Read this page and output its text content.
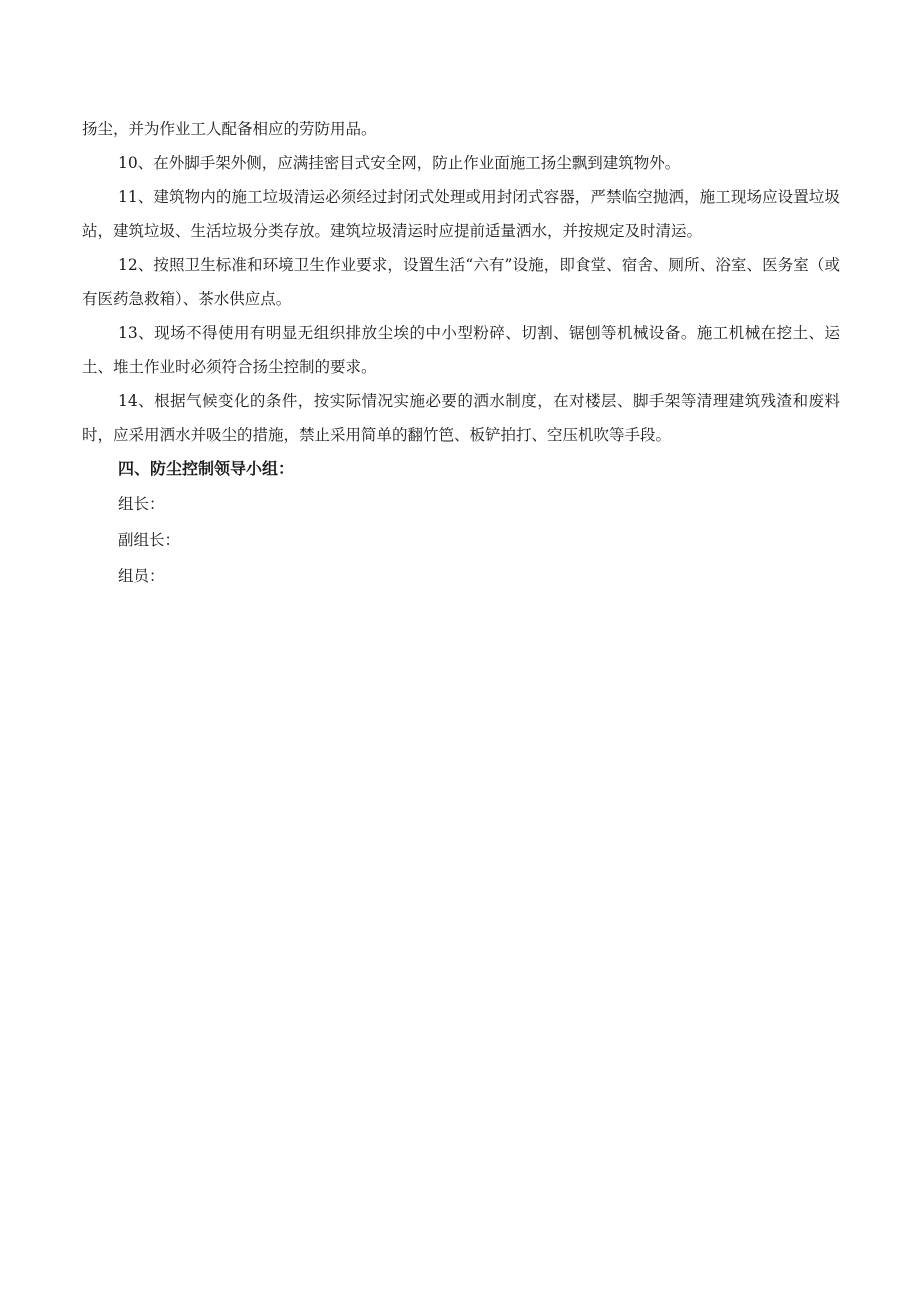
扬尘，并为作业工人配备相应的劳防用品。

10、在外脚手架外侧，应满挂密目式安全网，防止作业面施工扬尘飘到建筑物外。

11、建筑物内的施工垃圾清运必须经过封闭式处理或用封闭式容器，严禁临空抛洒，施工现场应设置垃圾站，建筑垃圾、生活垃圾分类存放。建筑垃圾清运时应提前适量洒水，并按规定及时清运。

12、按照卫生标准和环境卫生作业要求，设置生活“六有”设施，即食堂、宿舍、厕所、浴室、医务室（或有医药急救箱）、茶水供应点。

13、现场不得使用有明显无组织排放尘埃的中小型粉碎、切割、锯刨等机械设备。施工机械在挖土、运土、堆土作业时必须符合扬尘控制的要求。

14、根据气候变化的条件，按实际情况实施必要的洒水制度，在对楼层、脚手架等清理建筑残渣和废料时，应采用洒水并吸尘的措施，禁止采用简单的翻竹笆、板铲拍打、空压机吹等手段。

四、防尘控制领导小组：

组长：

副组长：

组员：
